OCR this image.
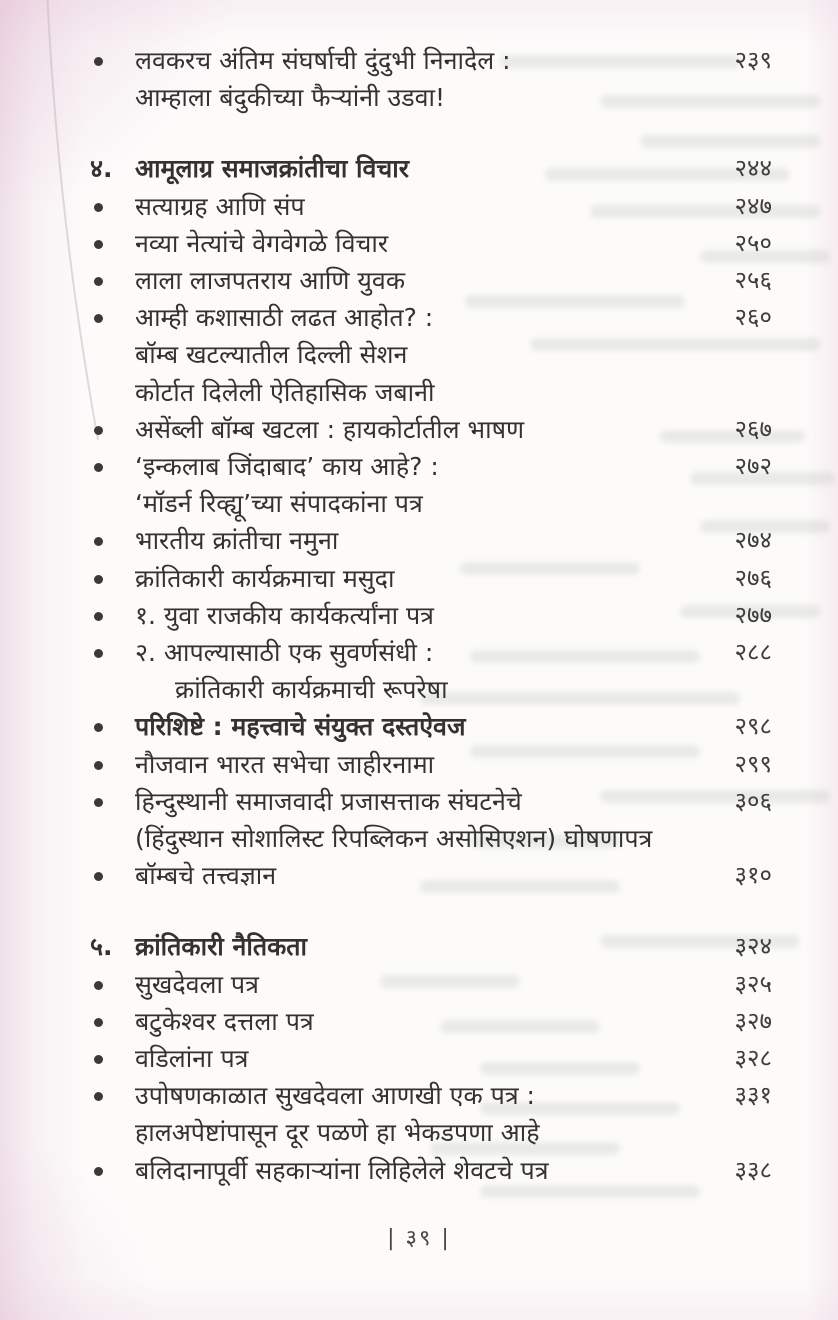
लवकरच अंतिम संघर्षाची दुंदुभी निनादेल :
आम्हाला बंदुकीच्या फैऱ्यांनी उडवा!
२३९
४. आमूलाग्र समाजक्रांतीचा विचार	२४४
सत्याग्रह आणि संप	२४७
नव्या नेत्यांचे वेगवेगळे विचार	२५०
लाला लाजपतराय आणि युवक	२५६
आम्ही कशासाठी लढत आहोत? :
बॉम्ब खटल्यातील दिल्ली सेशन
कोर्टात दिलेली ऐतिहासिक जबानी
२६०
असेंब्ली बॉम्ब खटला : हायकोर्टातील भाषण	२६७
‘इन्कलाब जिंदाबाद’ काय आहे? :
‘मॉडर्न रिव्ह्यू’च्या संपादकांना पत्र
२७२
भारतीय क्रांतीचा नमुना	२७४
क्रांतिकारी कार्यक्रमाचा मसुदा	२७६
१. युवा राजकीय कार्यकर्त्यांना पत्र	२७७
२. आपल्यासाठी एक सुवर्णसंधी :
क्रांतिकारी कार्यक्रमाची रूपरेषा
२८८
परिशिष्टे : महत्त्वाचे संयुक्त दस्तऐवज	२९८
नौजवान भारत सभेचा जाहीरनामा	२९९
हिन्दुस्थानी समाजवादी प्रजासत्ताक संघटनेचे
(हिंदुस्थान सोशालिस्ट रिपब्लिकन असोसिएशन) घोषणापत्र
३०६
बॉम्बचे तत्त्वज्ञान	३१०
५. क्रांतिकारी नैतिकता	३२४
सुखदेवला पत्र	३२५
बटुकेश्वर दत्तला पत्र	३२७
वडिलांना पत्र	३२८
उपोषणकाळात सुखदेवला आणखी एक पत्र :
हालअपेष्टांपासून दूर पळणे हा भेकडपणा आहे
३३१
बलिदानापूर्वी सहकाऱ्यांना लिहिलेले शेवटचे पत्र	३३८
| ३९ |
